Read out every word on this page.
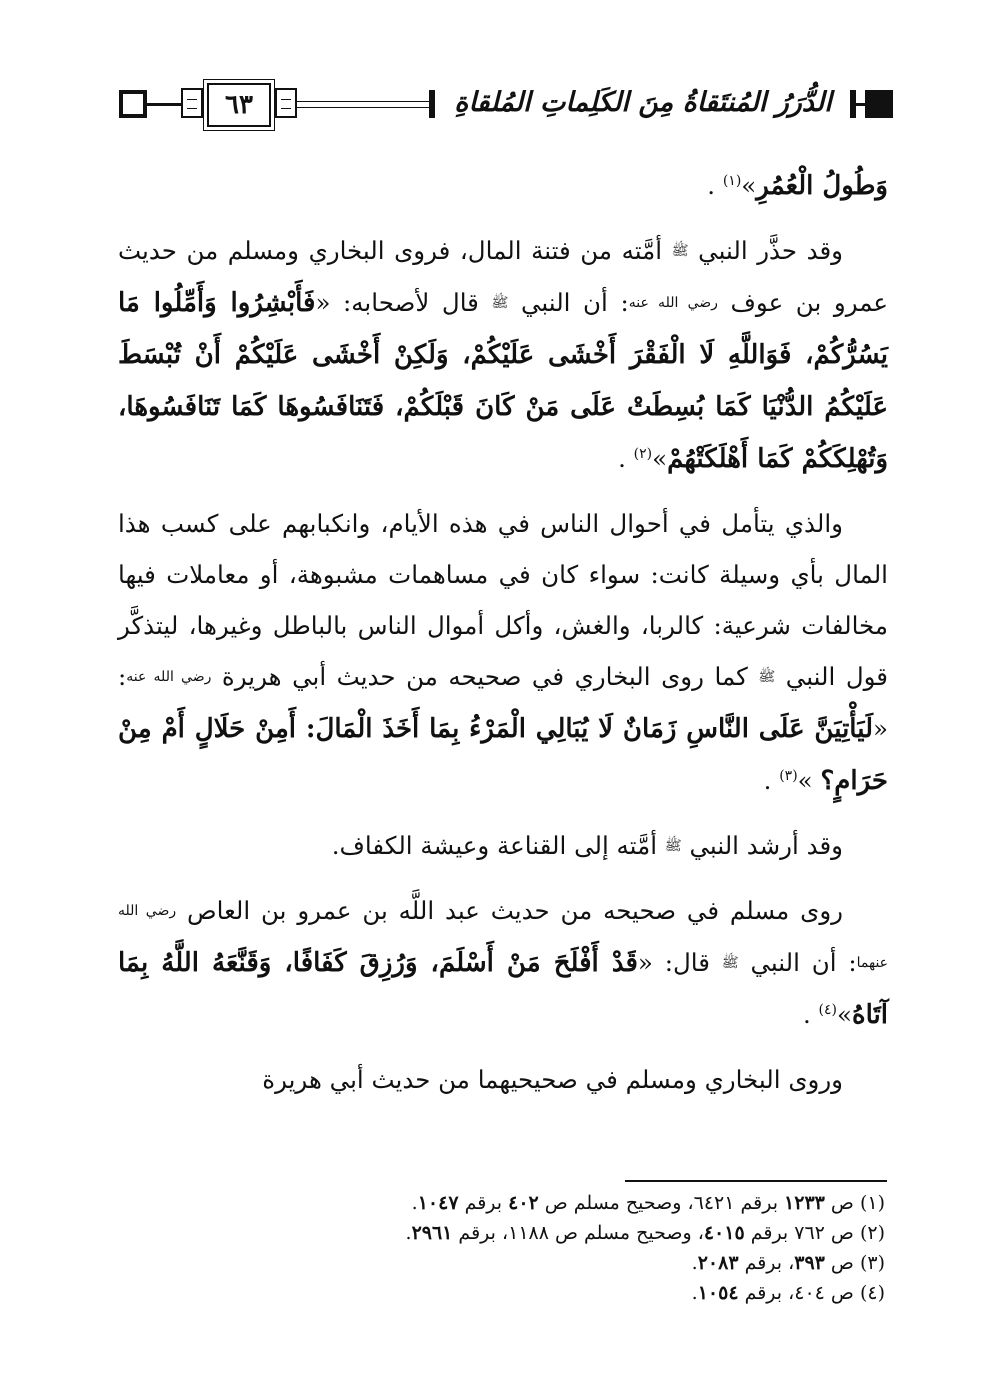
٦٣	الدُّرَرُ المُنتَقاةُ مِنَ الكَلِماتِ المُلقاةِ

وَطُولُ الْعُمُرِ»$^{(١)}$ .

وقد حذَّر النبي ﷺ أمَّته من فتنة المال، فروى البخاري ومسلم من حديث عمرو بن عوف رضي الله عنه: أن النبي ﷺ قال لأصحابه: «فَأَبْشِرُوا وَأَمِّلُوا مَا يَسُرُّكُمْ، فَوَاللَّهِ لَا الْفَقْرَ أَخْشَى عَلَيْكُمْ، وَلَكِنْ أَخْشَى عَلَيْكُمْ أَنْ تُبْسَطَ عَلَيْكُمُ الدُّنْيَا كَمَا بُسِطَتْ عَلَى مَنْ كَانَ قَبْلَكُمْ، فَتَنَافَسُوهَا كَمَا تَنَافَسُوهَا، وَتُهْلِكَكُمْ كَمَا أَهْلَكَتْهُمْ»$^{(٢)}$ .

والذي يتأمل في أحوال الناس في هذه الأيام، وانكبابهم على كسب هذا المال بأي وسيلة كانت: سواء كان في مساهمات مشبوهة، أو معاملات فيها مخالفات شرعية: كالربا، والغش، وأكل أموال الناس بالباطل وغيرها، ليتذكَّر قول النبي ﷺ كما روى البخاري في صحيحه من حديث أبي هريرة رضي الله عنه: «لَيَأْتِيَنَّ عَلَى النَّاسِ زَمَانٌ لَا يُبَالِي الْمَرْءُ بِمَا أَخَذَ الْمَالَ: أَمِنْ حَلَالٍ أَمْ مِنْ حَرَامٍ؟ »$^{(٣)}$ .

وقد أرشد النبي ﷺ أمَّته إلى القناعة وعيشة الكفاف.

روى مسلم في صحيحه من حديث عبد اللَّه بن عمرو بن العاص رضي الله عنهما: أن النبي ﷺ قال: «قَدْ أَفْلَحَ مَنْ أَسْلَمَ، وَرُزِقَ كَفَافًا، وَقَنَّعَهُ اللَّهُ بِمَا آتَاهُ»$^{(٤)}$ .

وروى البخاري ومسلم في صحيحيهما من حديث أبي هريرة

(١) ص ١٢٣٣ برقم ٦٤٢١، وصحيح مسلم ص ٤٠٢ برقم ١٠٤٧.
(٢) ص ٧٦٢ برقم ٤٠١٥، وصحيح مسلم ص ١١٨٨، برقم ٢٩٦١.
(٣) ص ٣٩٣، برقم ٢٠٨٣.
(٤) ص ٤٠٤، برقم ١٠٥٤.
